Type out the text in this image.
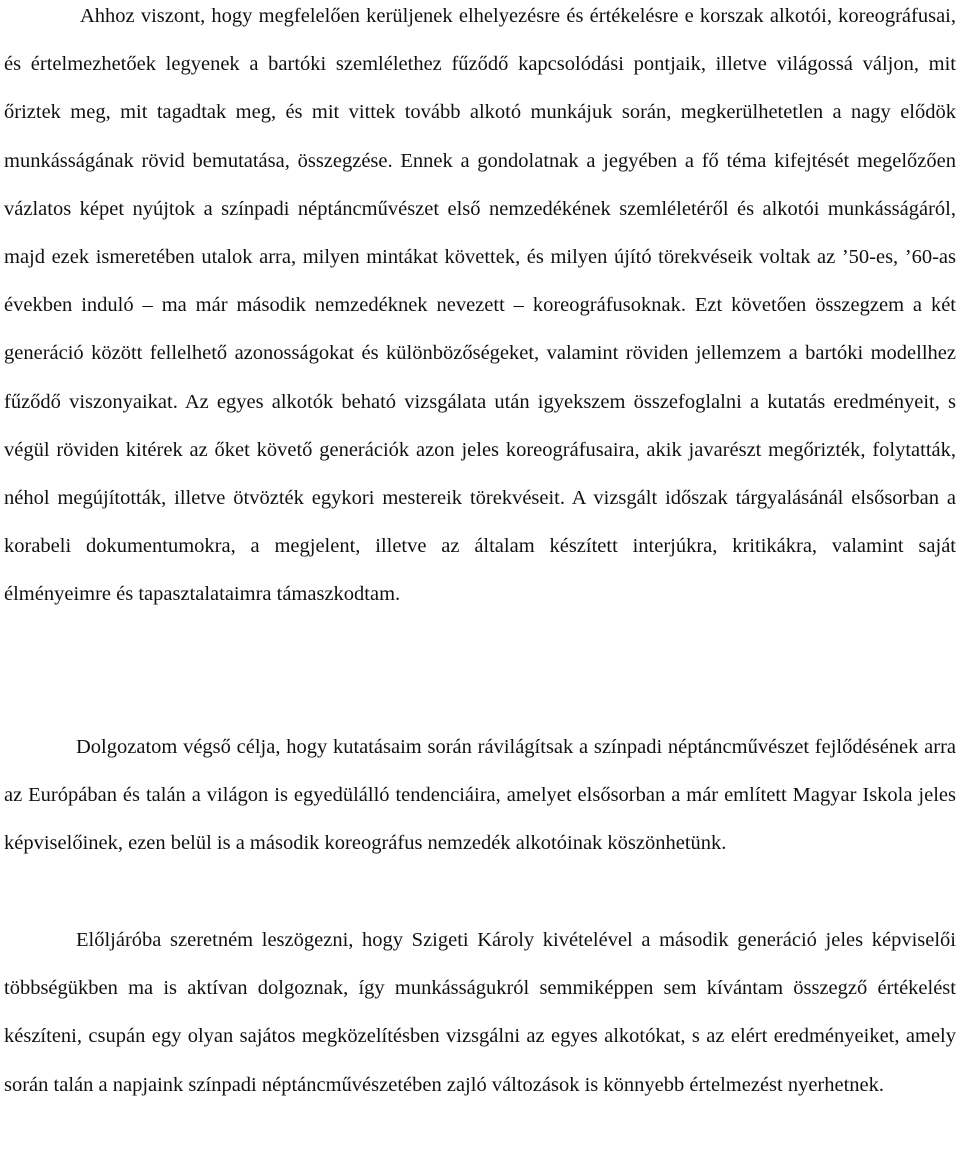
Ahhoz viszont, hogy megfelelően kerüljenek elhelyezésre és értékelésre e korszak alkotói, koreográfusai, és értelmezhetőek legyenek a bartóki szemlélethez fűződő kapcsolódási pontjaik, illetve világossá váljon, mit őriztek meg, mit tagadtak meg, és mit vittek tovább alkotó munkájuk során, megkerülhetetlen a nagy elődök munkásságának rövid bemutatása, összegzése. Ennek a gondolatnak a jegyében a fő téma kifejtését megelőzően vázlatos képet nyújtok a színpadi néptáncművészet első nemzedékének szemléletéről és alkotói munkásságáról, majd ezek ismeretében utalok arra, milyen mintákat követtek, és milyen újító törekvéseik voltak az ’50-es, ’60-as években induló – ma már második nemzedéknek nevezett – koreográfusoknak. Ezt követően összegzem a két generáció között fellelhető azonosságokat és különbözőségeket, valamint röviden jellemzem a bartóki modellhez fűződő viszonyaikat. Az egyes alkotók beható vizsgálata után igyekszem összefoglalni a kutatás eredményeit, s végül röviden kitérek az őket követő generációk azon jeles koreográfusaira, akik javarészt megőrizték, folytatták, néhol megújították, illetve ötvözték egykori mestereik törekvéseit. A vizsgált időszak tárgyalásánál elsősorban a korabeli dokumentumokra, a megjelent, illetve az általam készített interjúkra, kritikákra, valamint saját élményeimre és tapasztalataimra támaszkodtam.

Dolgozatom végső célja, hogy kutatásaim során rávilágítsak a színpadi néptáncművészet fejlődésének arra az Európában és talán a világon is egyedülálló tendenciáira, amelyet elsősorban a már említett Magyar Iskola jeles képviselőinek, ezen belül is a második koreográfus nemzedék alkotóinak köszönhetünk.

Előljáróba szeretném leszögezni, hogy Szigeti Károly kivételével a második generáció jeles képviselői többségükben ma is aktívan dolgoznak, így munkásságukról semmiképpen sem kívántam összegző értékelést készíteni, csupán egy olyan sajátos megközelítésben vizsgálni az egyes alkotókat, s az elért eredményeiket, amely során talán a napjaink színpadi néptáncművészetében zajló változások is könnyebb értelmezést nyerhetnek.
